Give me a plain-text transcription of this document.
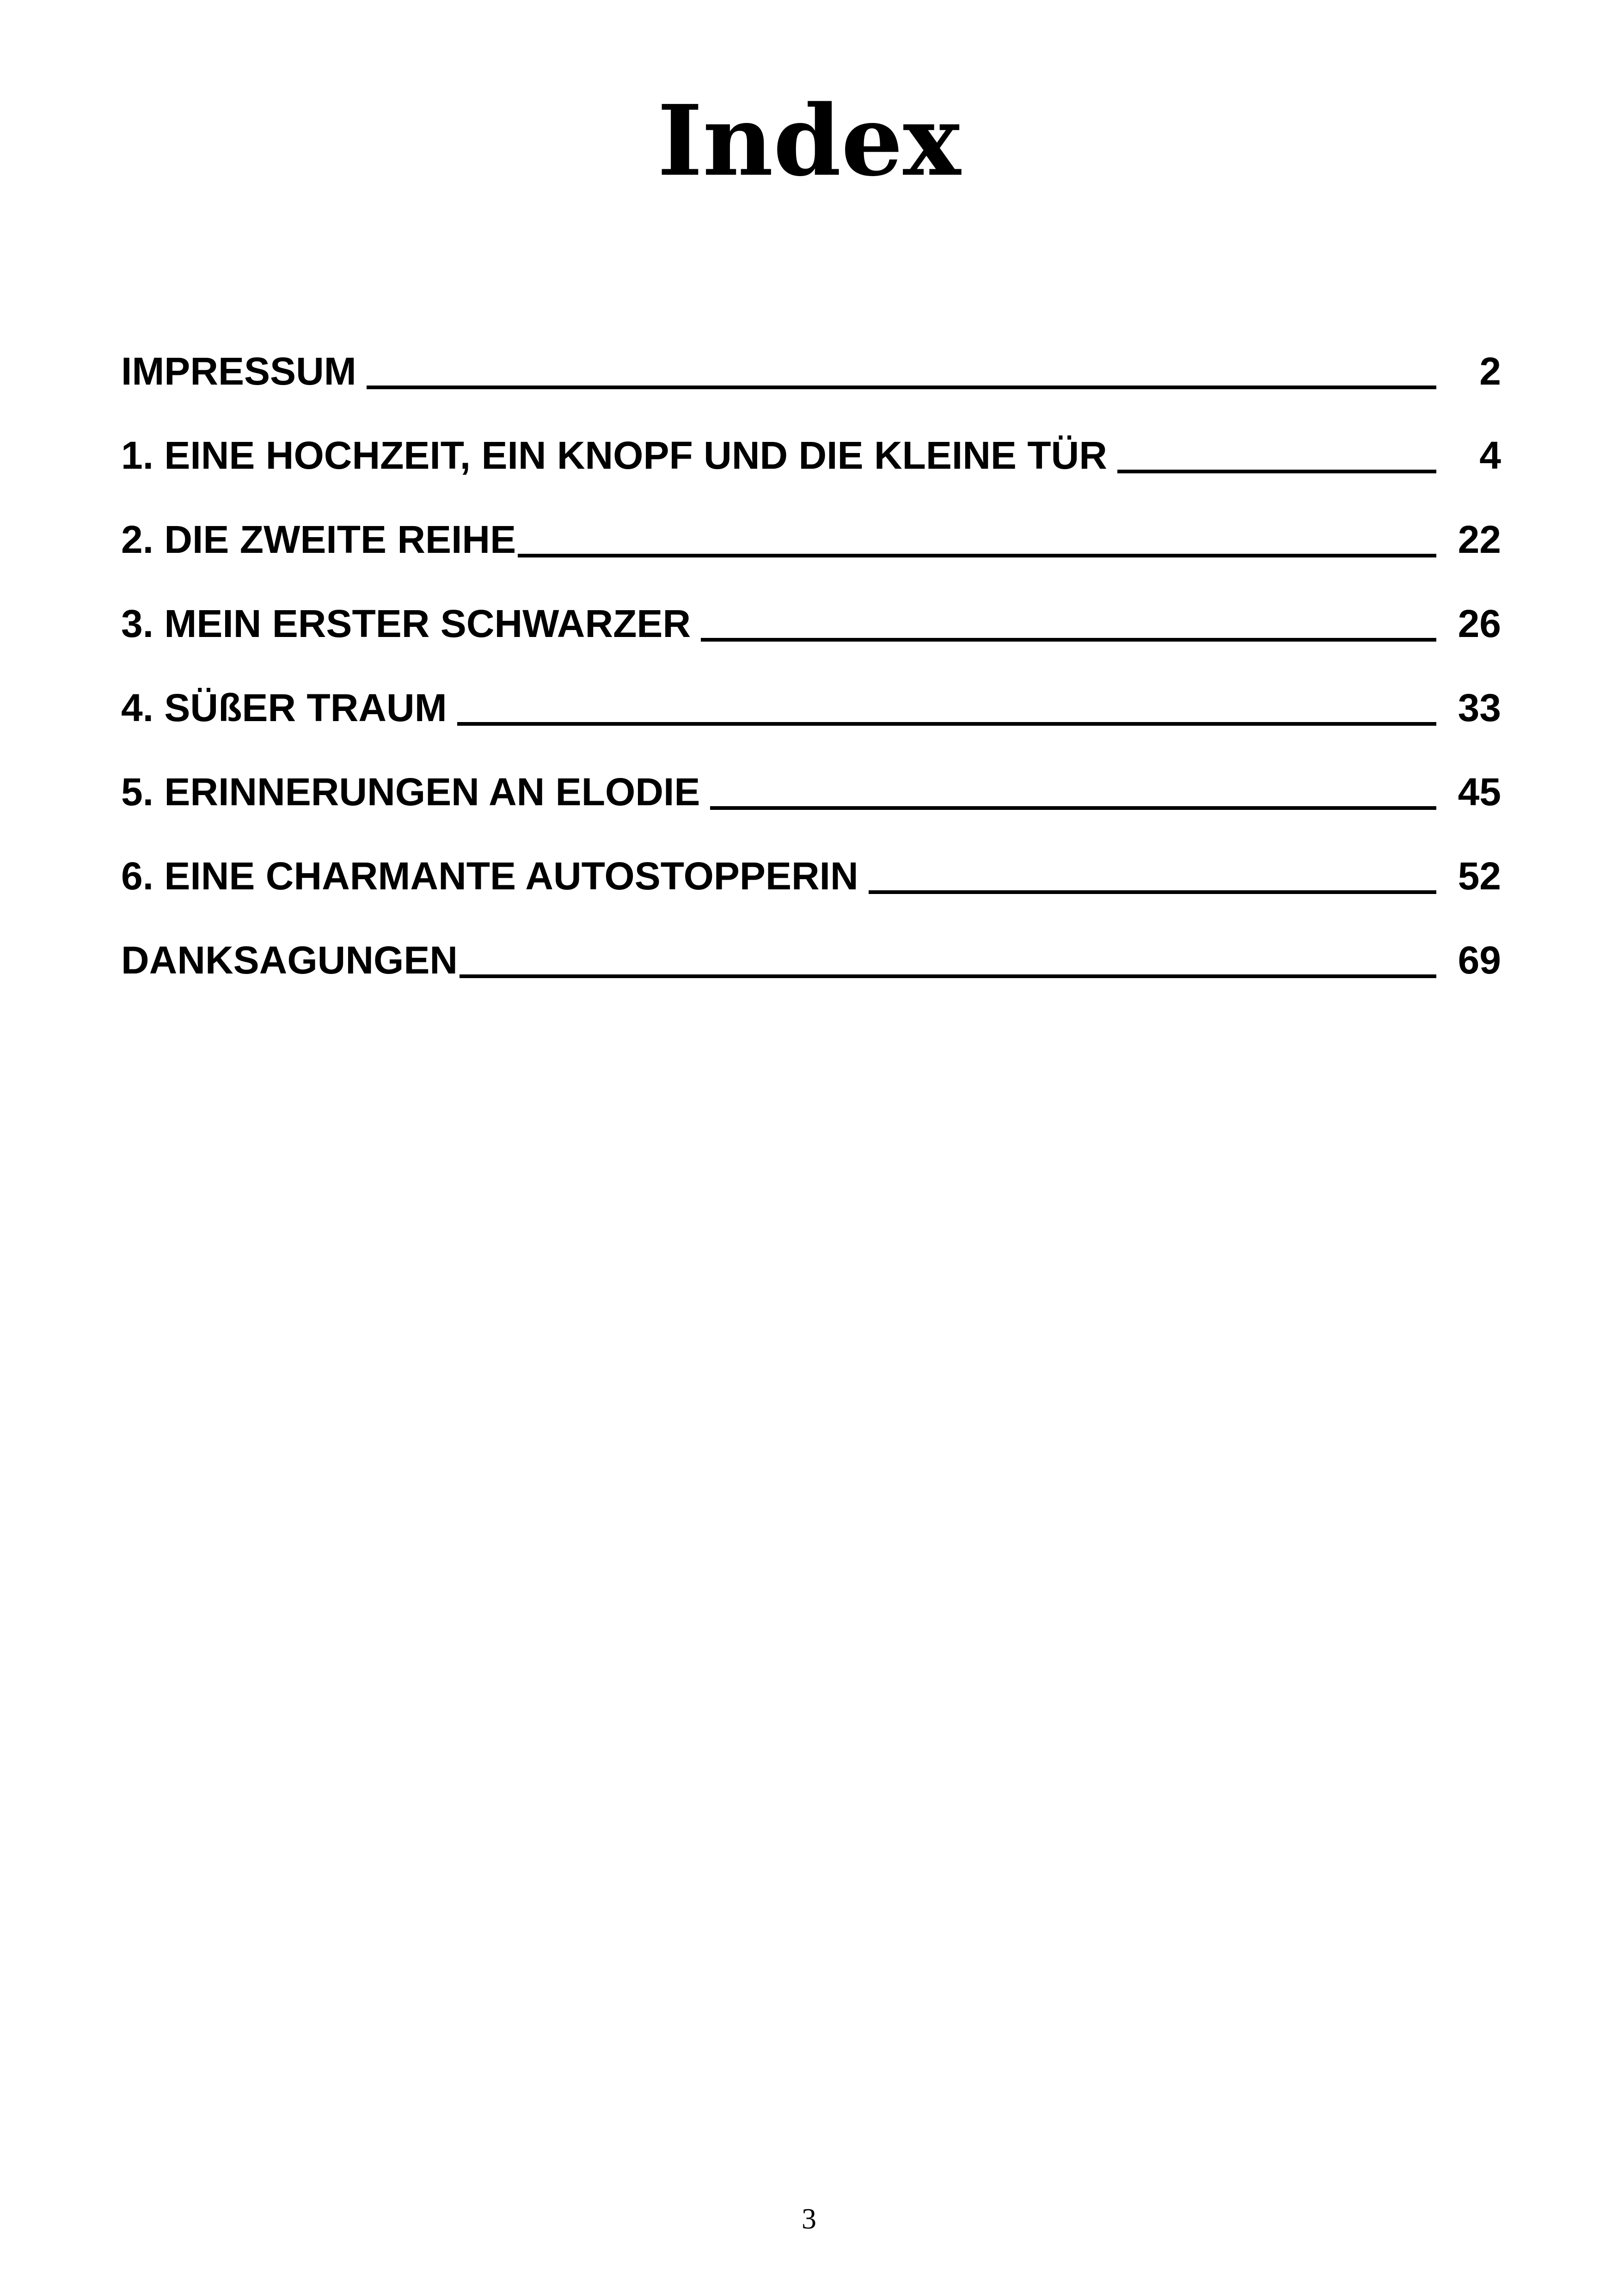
Index
IMPRESSUM	2
1. EINE HOCHZEIT, EIN KNOPF UND DIE KLEINE TÜR	4
2. DIE ZWEITE REIHE	22
3. MEIN ERSTER SCHWARZER	26
4. SÜßER TRAUM	33
5. ERINNERUNGEN AN ELODIE	45
6. EINE CHARMANTE AUTOSTOPPERIN	52
DANKSAGUNGEN	69
3
